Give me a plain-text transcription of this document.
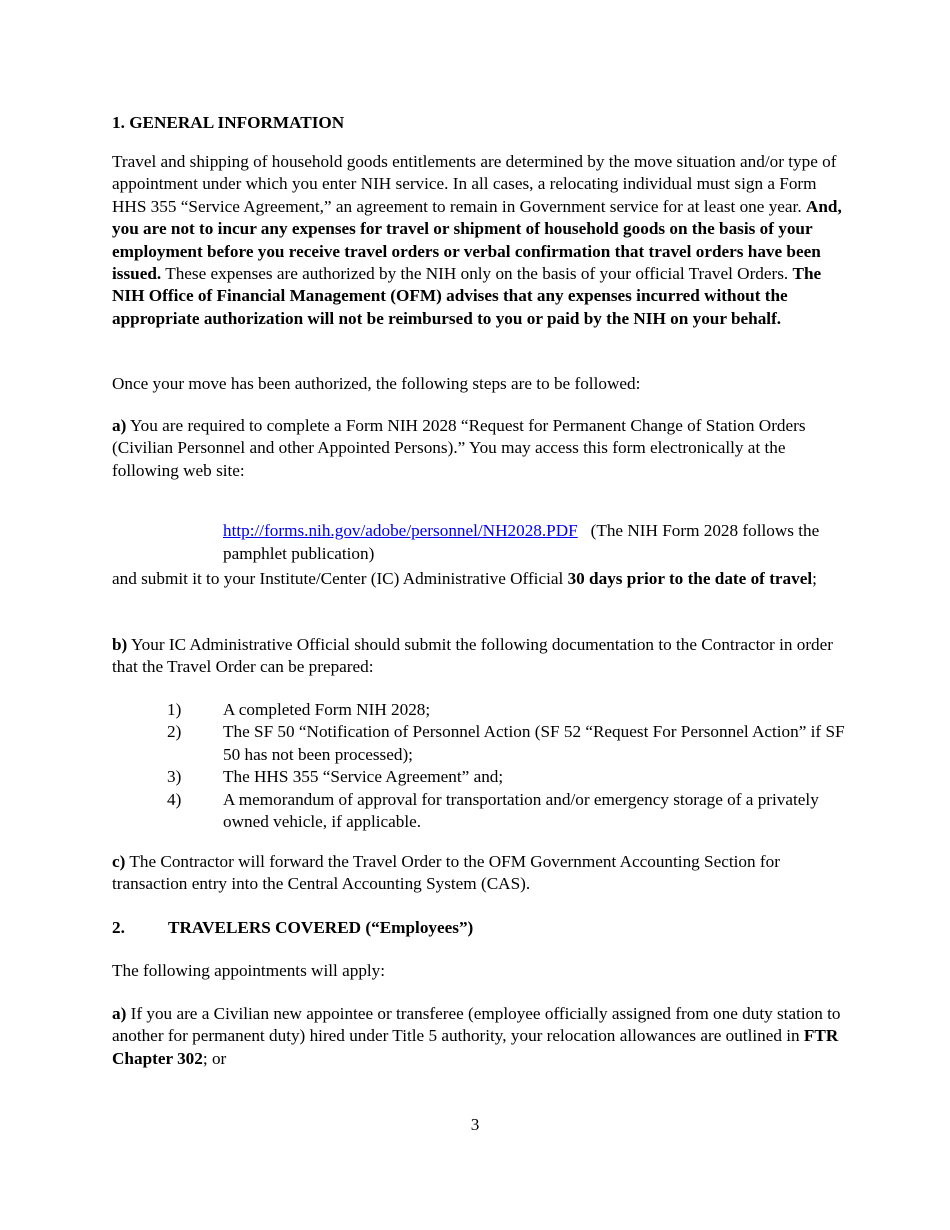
1. GENERAL INFORMATION

Travel and shipping of household goods entitlements are determined by the move situation and/or type of appointment under which you enter NIH service. In all cases, a relocating individual must sign a Form HHS 355 “Service Agreement,” an agreement to remain in Government service for at least one year. And, you are not to incur any expenses for travel or shipment of household goods on the basis of your employment before you receive travel orders or verbal confirmation that travel orders have been issued. These expenses are authorized by the NIH only on the basis of your official Travel Orders. The NIH Office of Financial Management (OFM) advises that any expenses incurred without the appropriate authorization will not be reimbursed to you or paid by the NIH on your behalf.

Once your move has been authorized, the following steps are to be followed:

a) You are required to complete a Form NIH 2028 “Request for Permanent Change of Station Orders (Civilian Personnel and other Appointed Persons).” You may access this form electronically at the following web site:

http://forms.nih.gov/adobe/personnel/NH2028.PDF (The NIH Form 2028 follows the pamphlet publication)

and submit it to your Institute/Center (IC) Administrative Official 30 days prior to the date of travel;

b) Your IC Administrative Official should submit the following documentation to the Contractor in order that the Travel Order can be prepared:

1)	A completed Form NIH 2028;
2)	The SF 50 “Notification of Personnel Action (SF 52 “Request For Personnel Action” if SF 50 has not been processed);
3)	The HHS 355 “Service Agreement” and;
4)	A memorandum of approval for transportation and/or emergency storage of a privately owned vehicle, if applicable.

c) The Contractor will forward the Travel Order to the OFM Government Accounting Section for transaction entry into the Central Accounting System (CAS).

2.	TRAVELERS COVERED (“Employees”)

The following appointments will apply:

a) If you are a Civilian new appointee or transferee (employee officially assigned from one duty station to another for permanent duty) hired under Title 5 authority, your relocation allowances are outlined in FTR Chapter 302; or

3
